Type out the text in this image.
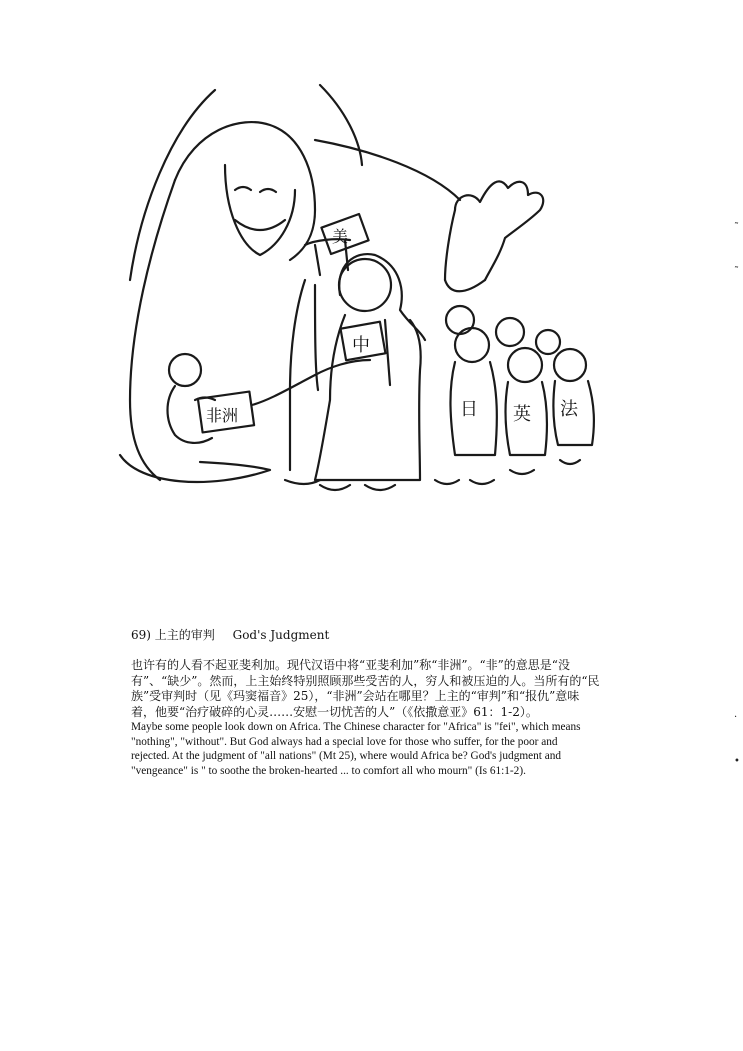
非洲
中
美
日 英 法
69) 上主的审判 God's Judgment
也许有的人看不起亚斐利加。现代汉语中将“亚斐利加”称“非洲”。“非”的意思是“没
有”、“缺少”。然而，上主始终特别照顾那些受苦的人，穷人和被压迫的人。当所有的“民
族”受审判时（见《玛窦福音》25），“非洲”会站在哪里？上主的“审判”和“报仇”意味
着，他要“治疗破碎的心灵……安慰一切忧苦的人”（《依撒意亚》61：1-2）。
Maybe some people look down on Africa. The Chinese character for "Africa" is "fei", which means
"nothing", "without". But God always had a special love for those who suffer, for the poor and
rejected. At the judgment of "all nations" (Mt 25), where would Africa be? God's judgment and
"vengeance" is " to soothe the broken-hearted ... to comfort all who mourn" (Is 61:1-2).
˜
˜
·
•
